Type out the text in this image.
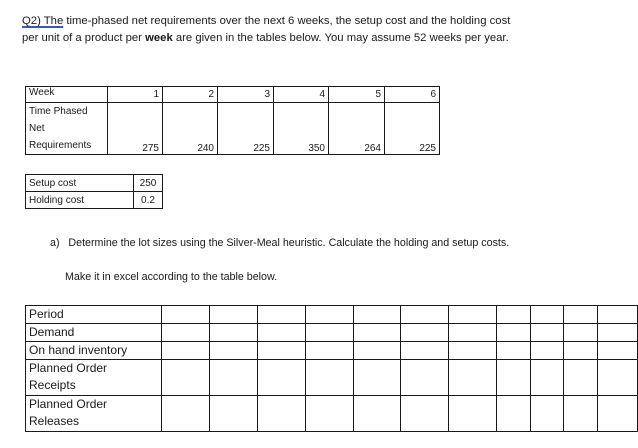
Q2) The time-phased net requirements over the next 6 weeks, the setup cost and the holding cost
per unit of a product per week are given in the tables below. You may assume 52 weeks per year.
Week	1	2	3	4	5	6

Time Phased
Net
Requirements	275	240	225	350	264	225
Setup cost	250
Holding cost	0.2
a)   Determine the lot sizes using the Silver-Meal heuristic. Calculate the holding and setup costs.
Make it in excel according to the table below.
Period											
Demand											
On hand inventory											

Planned Order
Receipts											

Planned Order
Releases											
